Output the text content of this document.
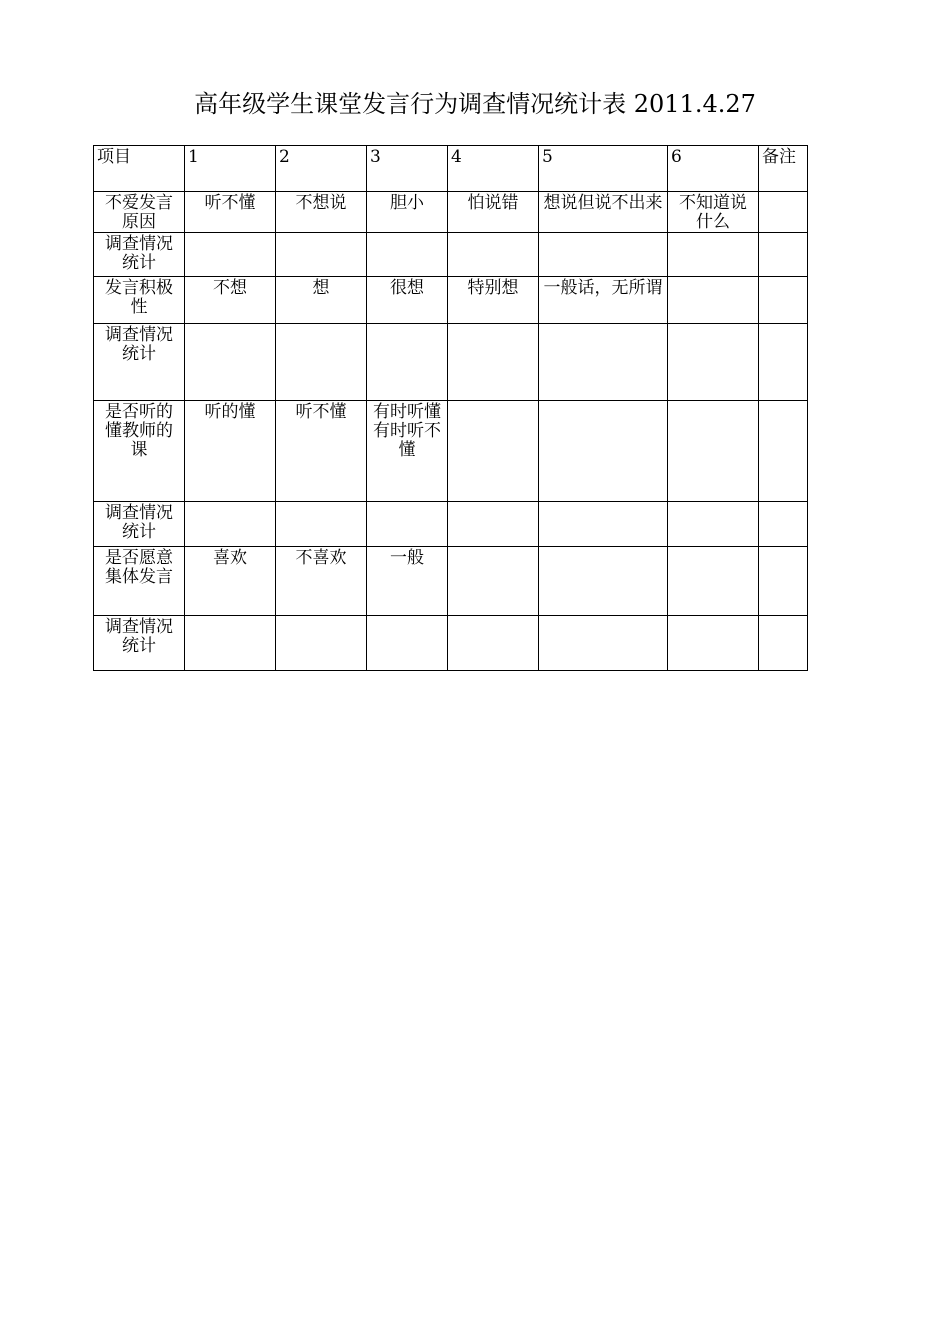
高年级学生课堂发言行为调查情况统计表 2011.4.27
项目	1	2	3	4	5	6	备注
不爱发言原因	听不懂	不想说	胆小	怕说错	想说但说不出来	不知道说什么	
调查情况统计							
发言积极性	不想	想	很想	特别想	一般话，无所谓		
调查情况统计							
是否听的懂教师的课	听的懂	听不懂	有时听懂有时听不懂				
调查情况统计							
是否愿意集体发言	喜欢	不喜欢	一般				
调查情况统计							
